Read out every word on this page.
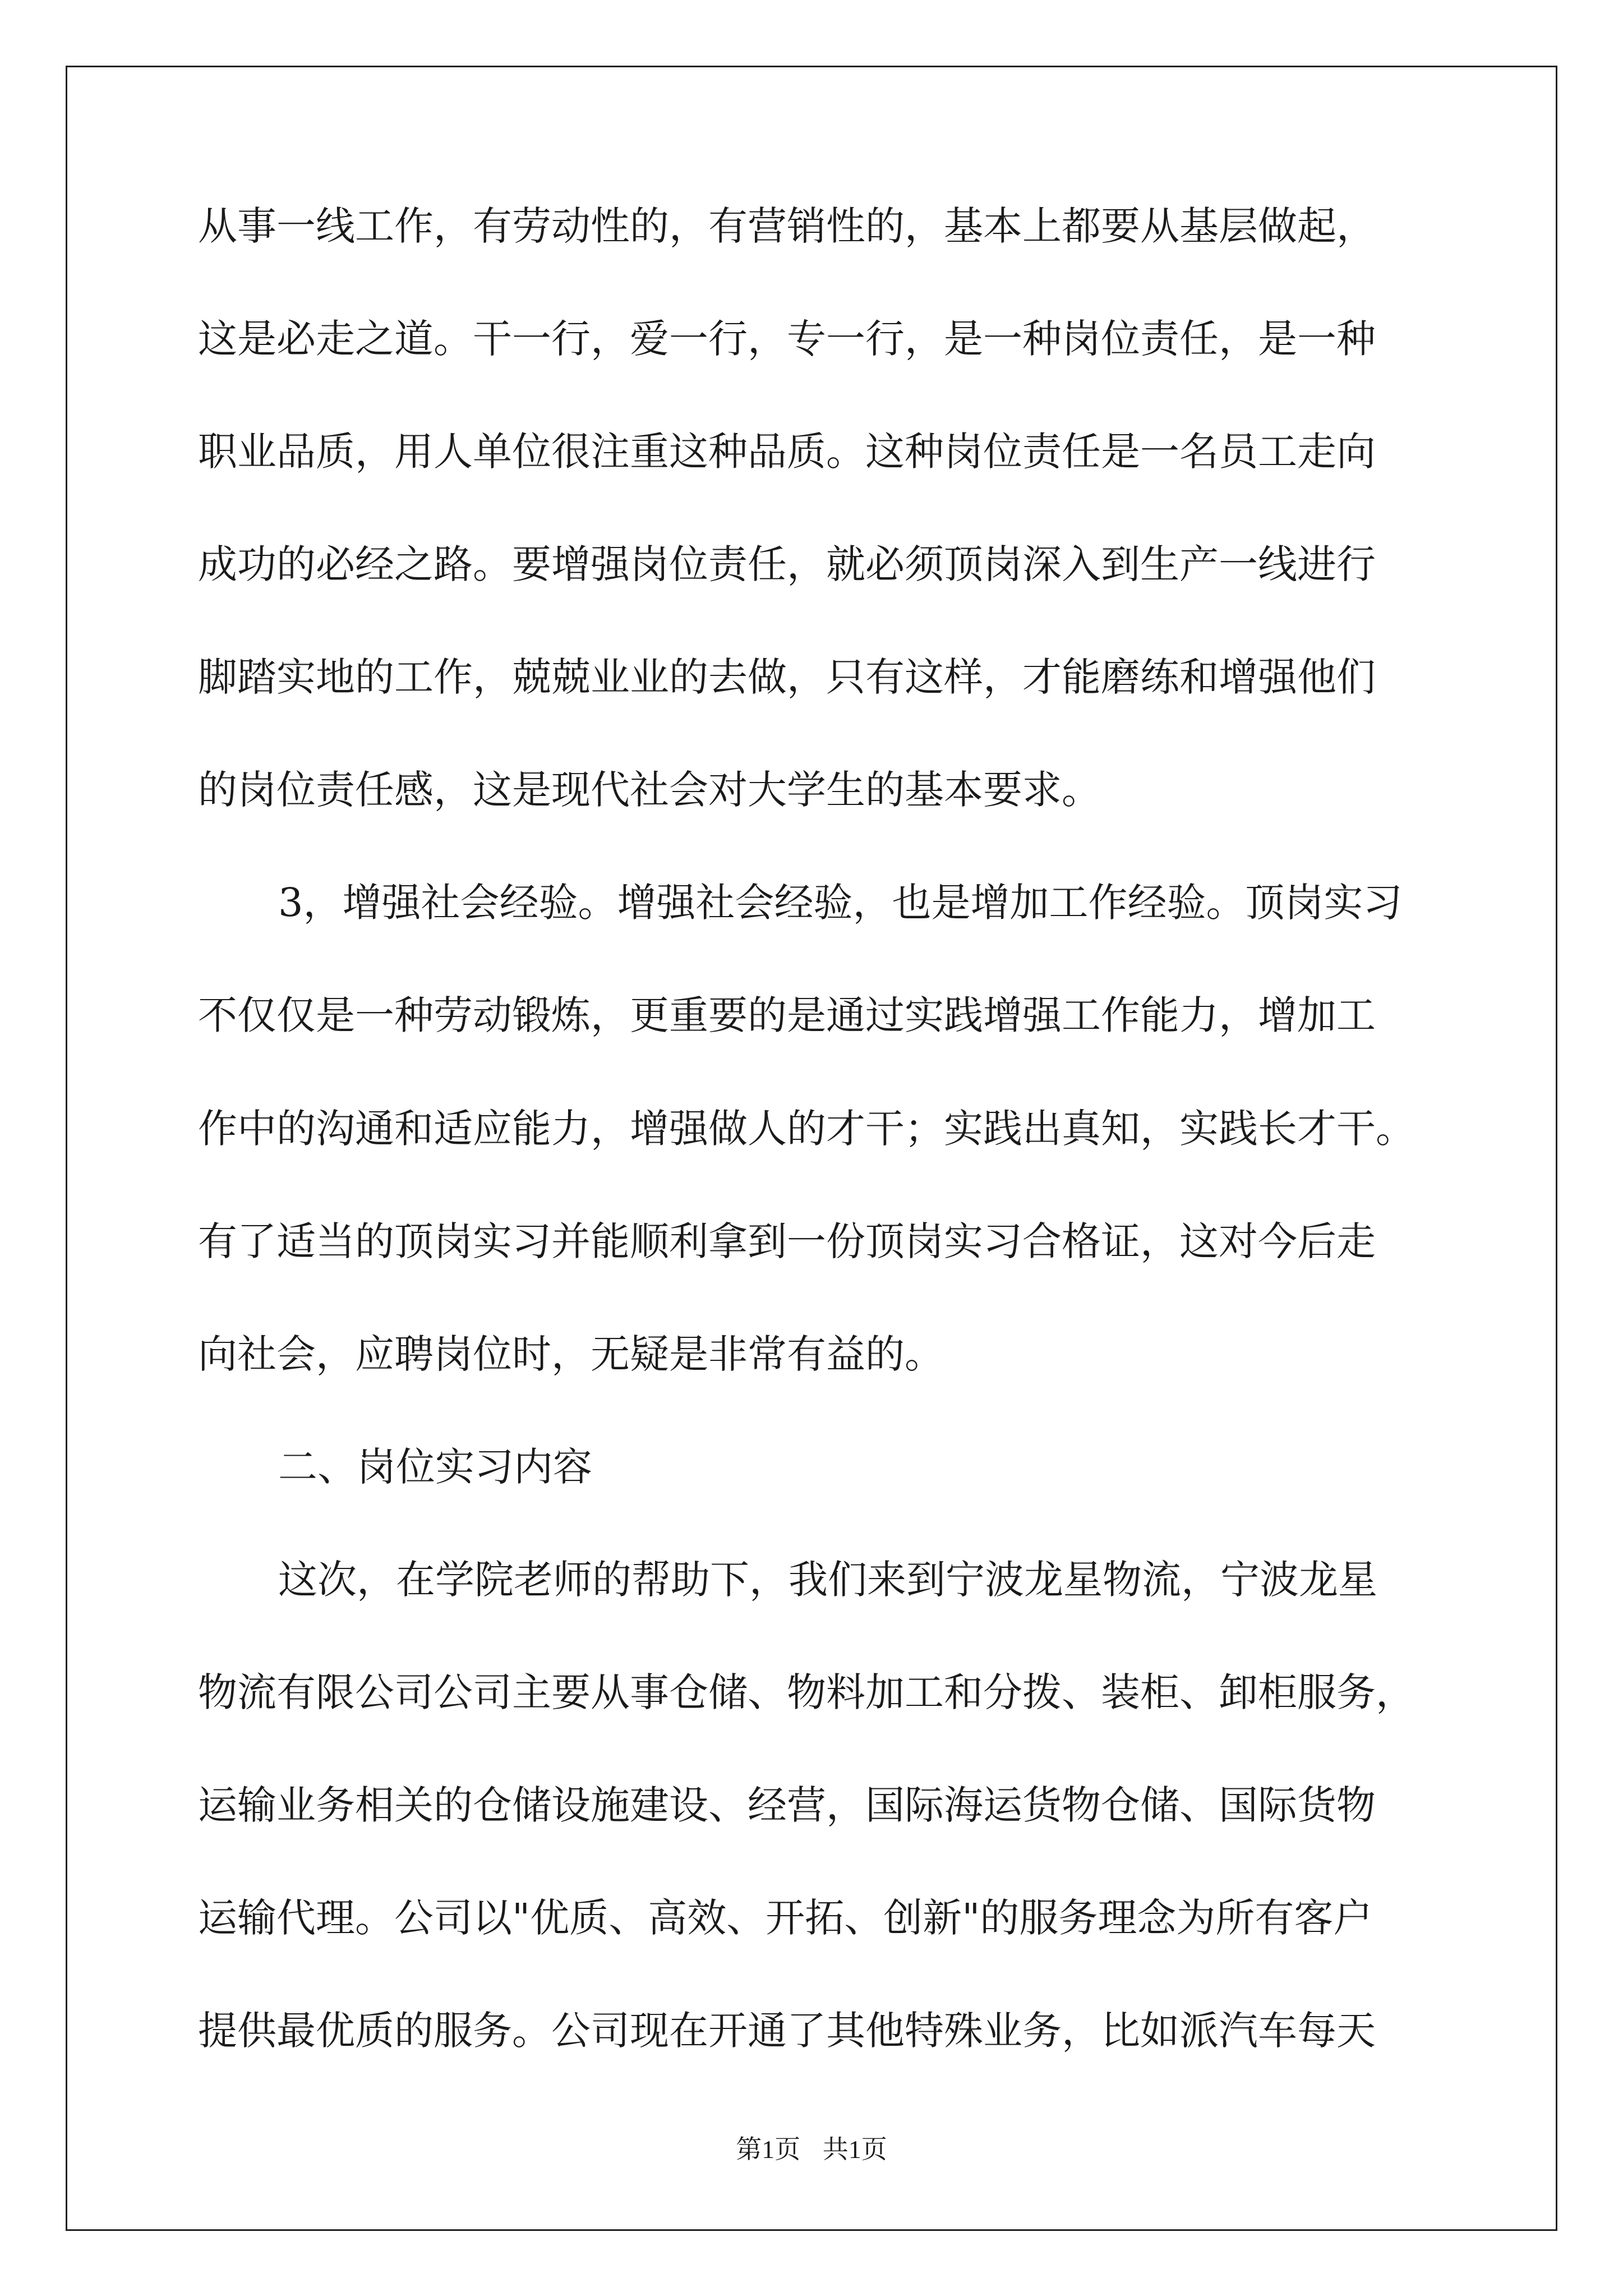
从事一线工作，有劳动性的，有营销性的，基本上都要从基层做起，
这是必走之道。干一行，爱一行，专一行，是一种岗位责任，是一种
职业品质，用人单位很注重这种品质。这种岗位责任是一名员工走向
成功的必经之路。要增强岗位责任，就必须顶岗深入到生产一线进行
脚踏实地的工作，兢兢业业的去做，只有这样，才能磨练和增强他们
的岗位责任感，这是现代社会对大学生的基本要求。
3，增强社会经验。增强社会经验，也是增加工作经验。顶岗实习
不仅仅是一种劳动锻炼，更重要的是通过实践增强工作能力，增加工
作中的沟通和适应能力，增强做人的才干；实践出真知，实践长才干。
有了适当的顶岗实习并能顺利拿到一份顶岗实习合格证，这对今后走
向社会，应聘岗位时，无疑是非常有益的。
二、岗位实习内容
这次，在学院老师的帮助下，我们来到宁波龙星物流，宁波龙星
物流有限公司公司主要从事仓储、物料加工和分拨、装柜、卸柜服务，
运输业务相关的仓储设施建设、经营，国际海运货物仓储、国际货物
运输代理。公司以"优质、高效、开拓、创新"的服务理念为所有客户
提供最优质的服务。公司现在开通了其他特殊业务，比如派汽车每天
第1页 共1页
